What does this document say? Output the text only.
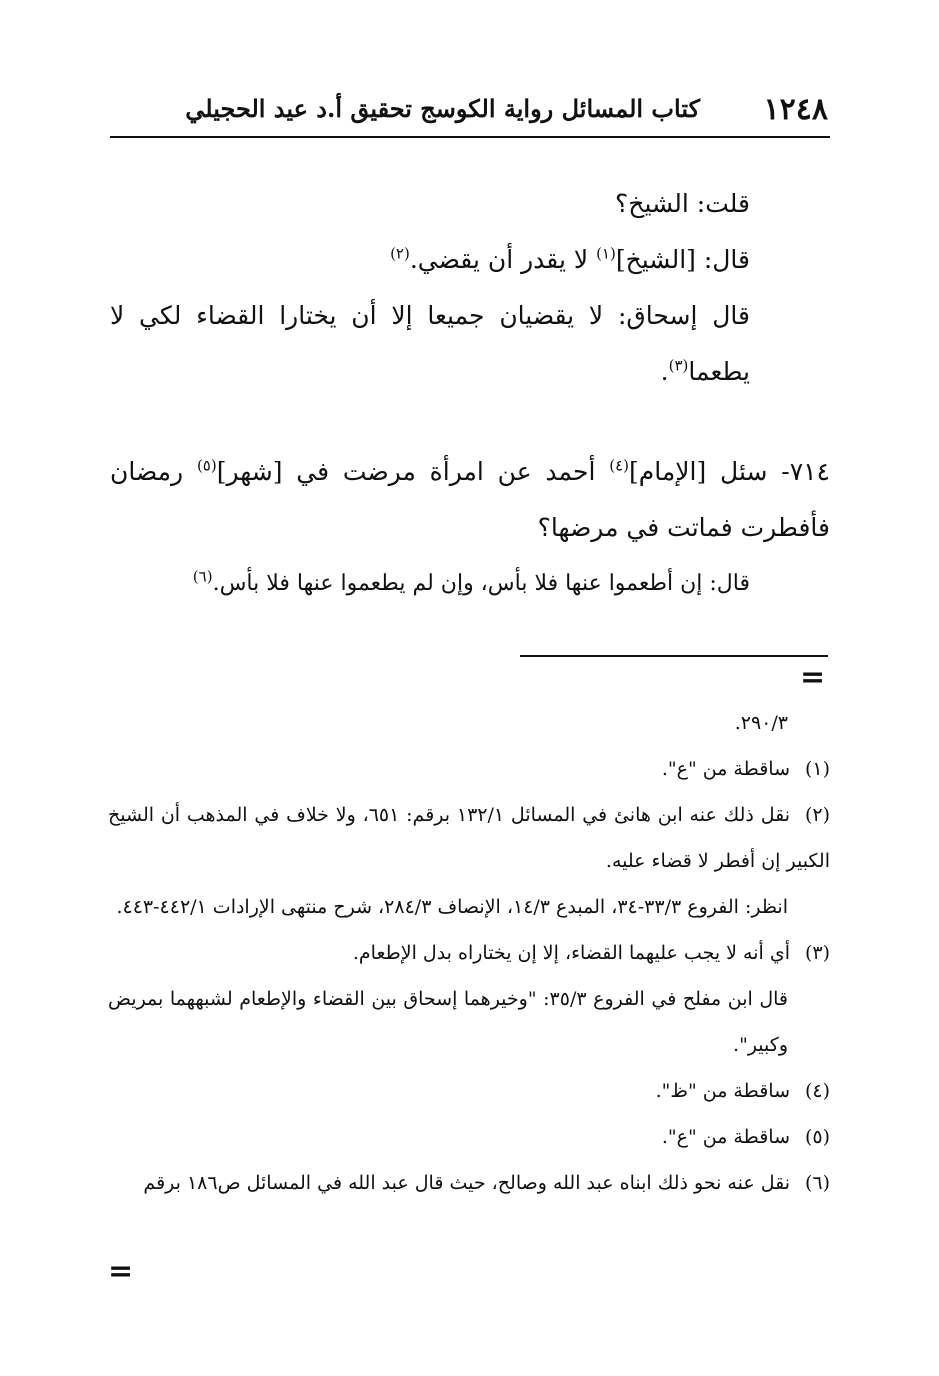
١٢٤٨
كتاب المسائل رواية الكوسج تحقيق أ.د عيد الحجيلي

قلت: الشيخ؟

قال: [الشيخ]$^{(١)}$ لا يقدر أن يقضي.$^{(٢)}$

قال إسحاق: لا يقضيان جميعا إلا أن يختارا القضاء لكي لا يطعما$^{(٣)}$.

٧١٤- سئل [الإمام]$^{(٤)}$ أحمد عن امرأة مرضت في [شهر]$^{(٥)}$ رمضان فأفطرت فماتت في مرضها؟

قال: إن أطعموا عنها فلا بأس، وإن لم يطعموا عنها فلا بأس.$^{(٦)}$

=

٢٩٠/٣.

(١)ساقطة من "ع".

(٢)نقل ذلك عنه ابن هانئ في المسائل ١٣٢/١ برقم: ٦٥١، ولا خلاف في المذهب أن الشيخ الكبير إن أفطر لا قضاء عليه.

انظر: الفروع ٣٣/٣-٣٤، المبدع ١٤/٣، الإنصاف ٢٨٤/٣، شرح منتهى الإرادات ٤٤٢/١-٤٤٣.

(٣)أي أنه لا يجب عليهما القضاء، إلا إن يختاراه بدل الإطعام.

قال ابن مفلح في الفروع ٣٥/٣: "وخيرهما إسحاق بين القضاء والإطعام لشبههما بمريض وكبير".

(٤)ساقطة من "ظ".

(٥)ساقطة من "ع".

(٦)نقل عنه نحو ذلك ابناه عبد الله وصالح، حيث قال عبد الله في المسائل ص١٨٦ برقم

=
